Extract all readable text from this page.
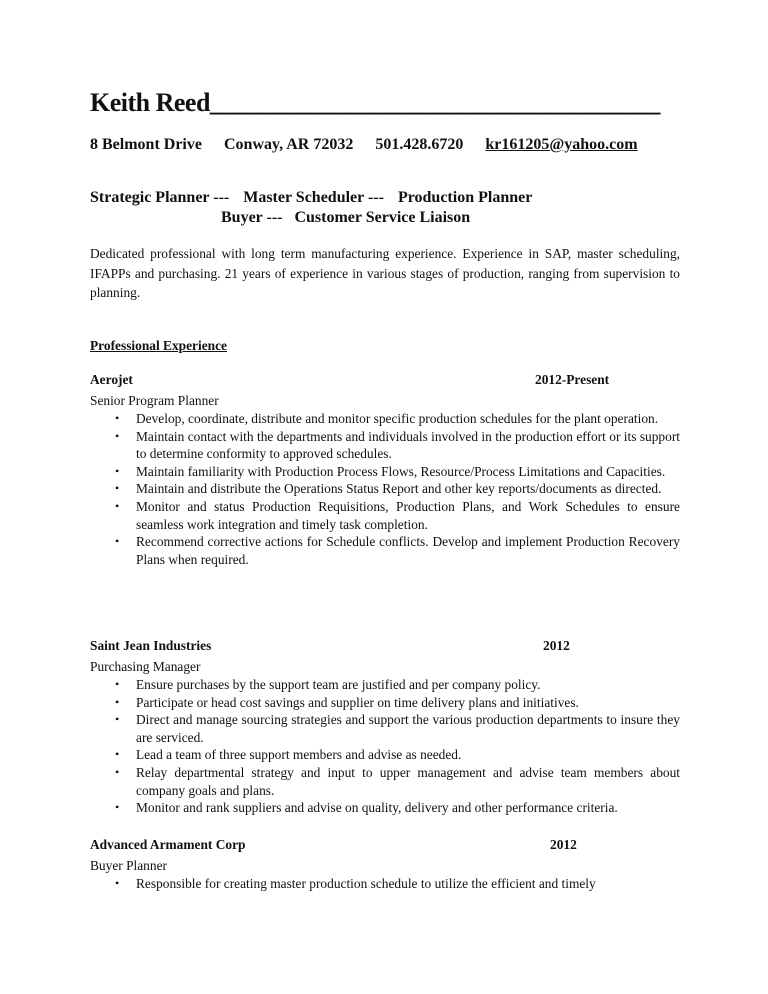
Keith Reed____________________________________
8 Belmont Drive Conway, AR 72032 501.428.6720 kr161205@yahoo.com
Strategic Planner --- Master Scheduler --- Production Planner
Buyer --- Customer Service Liaison
Dedicated professional with long term manufacturing experience. Experience in SAP, master scheduling, IFAPPs and purchasing. 21 years of experience in various stages of production, ranging from supervision to planning.
Professional Experience
Aerojet	2012-Present
Senior Program Planner
• Develop, coordinate, distribute and monitor specific production schedules for the plant operation.
• Maintain contact with the departments and individuals involved in the production effort or its support to determine conformity to approved schedules.
• Maintain familiarity with Production Process Flows, Resource/Process Limitations and Capacities.
• Maintain and distribute the Operations Status Report and other key reports/documents as directed.
• Monitor and status Production Requisitions, Production Plans, and Work Schedules to ensure seamless work integration and timely task completion.
• Recommend corrective actions for Schedule conflicts. Develop and implement Production Recovery Plans when required.
Saint Jean Industries	2012
Purchasing Manager
• Ensure purchases by the support team are justified and per company policy.
• Participate or head cost savings and supplier on time delivery plans and initiatives.
• Direct and manage sourcing strategies and support the various production departments to insure they are serviced.
• Lead a team of three support members and advise as needed.
• Relay departmental strategy and input to upper management and advise team members about company goals and plans.
• Monitor and rank suppliers and advise on quality, delivery and other performance criteria.
Advanced Armament Corp	2012
Buyer Planner
• Responsible for creating master production schedule to utilize the efficient and timely
